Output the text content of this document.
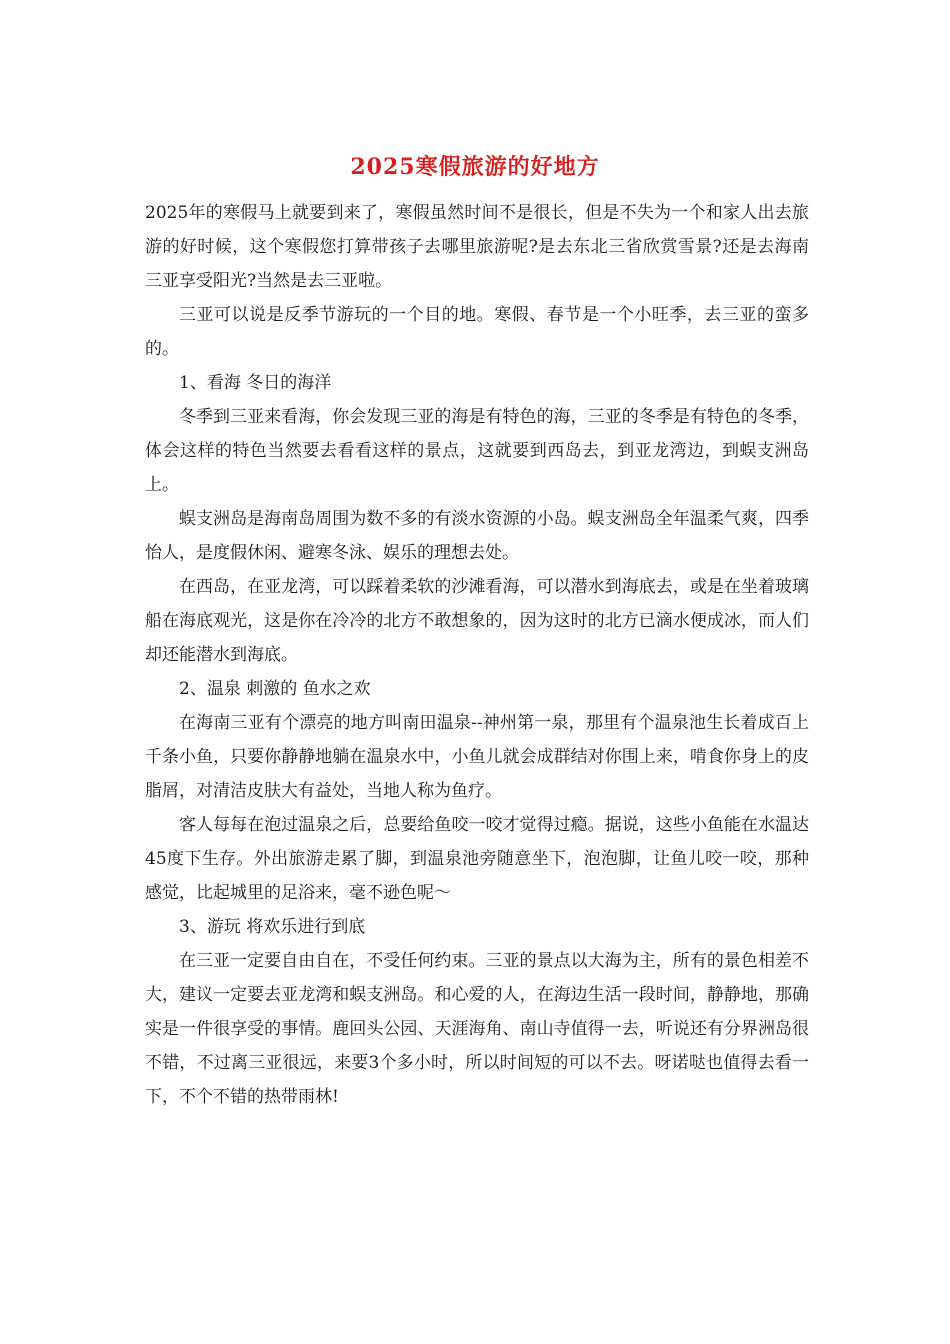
2025寒假旅游的好地方

2025年的寒假马上就要到来了，寒假虽然时间不是很长，但是不失为一个和家人出去旅游的好时候，这个寒假您打算带孩子去哪里旅游呢?是去东北三省欣赏雪景?还是去海南三亚享受阳光?当然是去三亚啦。

三亚可以说是反季节游玩的一个目的地。寒假、春节是一个小旺季，去三亚的蛮多的。

1、看海 冬日的海洋

冬季到三亚来看海，你会发现三亚的海是有特色的海，三亚的冬季是有特色的冬季，体会这样的特色当然要去看看这样的景点，这就要到西岛去，到亚龙湾边，到蜈支洲岛上。

蜈支洲岛是海南岛周围为数不多的有淡水资源的小岛。蜈支洲岛全年温柔气爽，四季怡人，是度假休闲、避寒冬泳、娱乐的理想去处。

在西岛，在亚龙湾，可以踩着柔软的沙滩看海，可以潜水到海底去，或是在坐着玻璃船在海底观光，这是你在冷冷的北方不敢想象的，因为这时的北方已滴水便成冰，而人们却还能潜水到海底。

2、温泉 刺激的 鱼水之欢

在海南三亚有个漂亮的地方叫南田温泉--神州第一泉，那里有个温泉池生长着成百上千条小鱼，只要你静静地躺在温泉水中，小鱼儿就会成群结对你围上来，啃食你身上的皮脂屑，对清洁皮肤大有益处，当地人称为鱼疗。

客人每每在泡过温泉之后，总要给鱼咬一咬才觉得过瘾。据说，这些小鱼能在水温达45度下生存。外出旅游走累了脚，到温泉池旁随意坐下，泡泡脚，让鱼儿咬一咬，那种感觉，比起城里的足浴来，毫不逊色呢～

3、游玩 将欢乐进行到底

在三亚一定要自由自在，不受任何约束。三亚的景点以大海为主，所有的景色相差不大，建议一定要去亚龙湾和蜈支洲岛。和心爱的人，在海边生活一段时间，静静地，那确实是一件很享受的事情。鹿回头公园、天涯海角、南山寺值得一去，听说还有分界洲岛很不错，不过离三亚很远，来要3个多小时，所以时间短的可以不去。呀诺哒也值得去看一下，不个不错的热带雨林!
